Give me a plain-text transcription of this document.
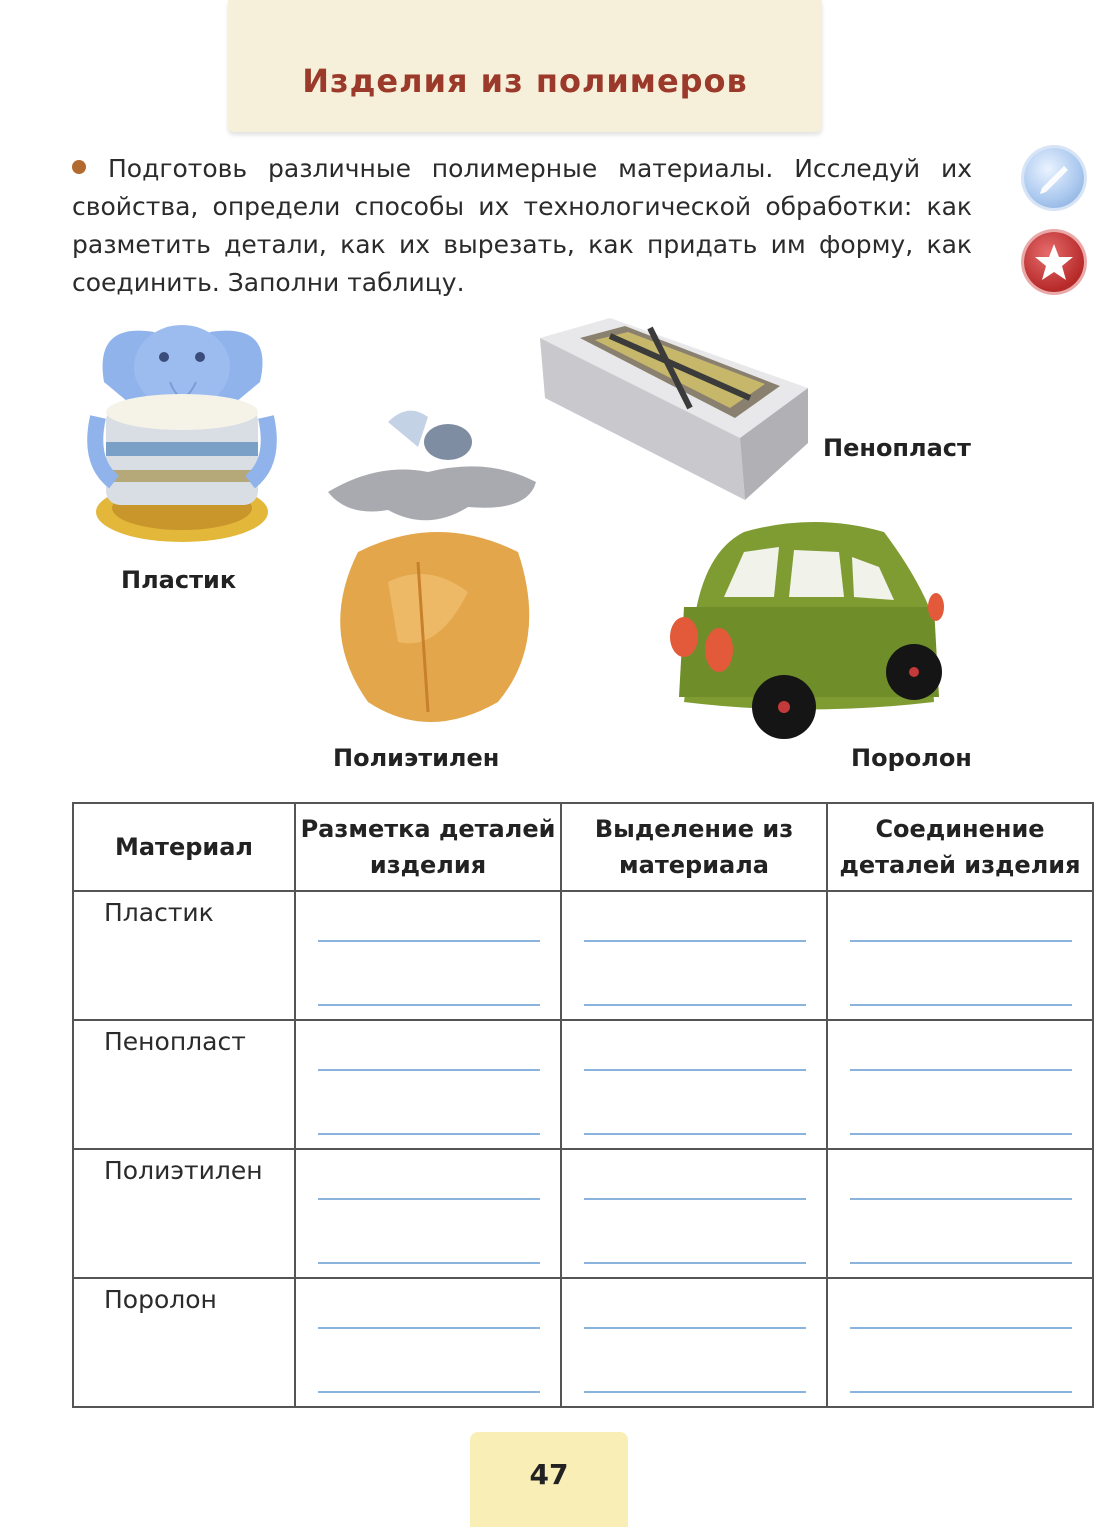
Изделия из полимеров
Подготовь различные полимерные материалы. Исследуй их свойства, определи способы их технологической обработки: как разметить детали, как их вырезать, как придать им форму, как соединить. Заполни таблицу.
Пластик
Полиэтилен
Пенопласт
Поролон
Материал	Разметка деталей изделия	Выделение из материала	Соединение деталей изделия

Пластик			

Пенопласт			

Полиэтилен			

Поролон			

47
